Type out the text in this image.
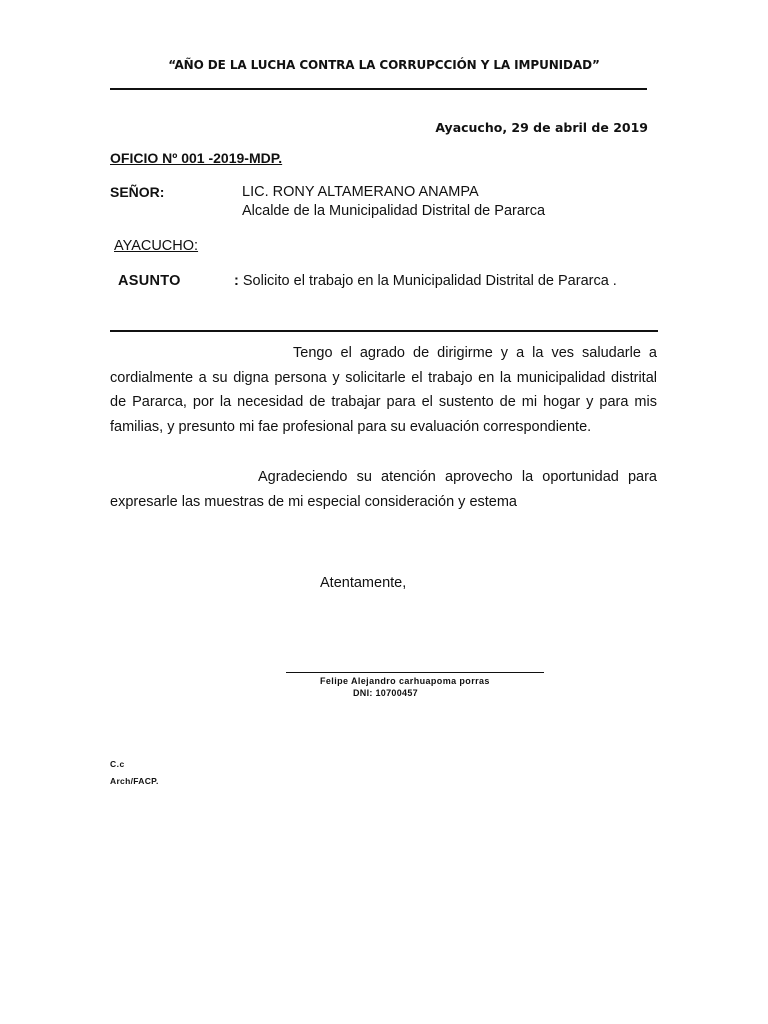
“AÑO DE LA LUCHA CONTRA LA CORRUPCCIÓN Y LA IMPUNIDAD”
Ayacucho, 29 de abril de 2019
OFICIO Nº 001 -2019-MDP.
SEÑOR:	LIC. RONY ALTAMERANO ANAMPA
Alcalde de la Municipalidad Distrital de Pararca
AYACUCHO:
ASUNTO	: Solicito el trabajo en la Municipalidad Distrital de Pararca .
Tengo el agrado de dirigirme y a la ves saludarle a cordialmente a su digna persona y solicitarle el trabajo en la municipalidad distrital de Pararca, por la necesidad de trabajar para el sustento de mi hogar y para mis familias, y presunto mi fae profesional para su evaluación correspondiente.
Agradeciendo su atención aprovecho la oportunidad para expresarle las muestras de mi especial consideración y estema
Atentamente,
Felipe Alejandro carhuapoma porras
DNI: 10700457
C.c
Arch/FACP.
